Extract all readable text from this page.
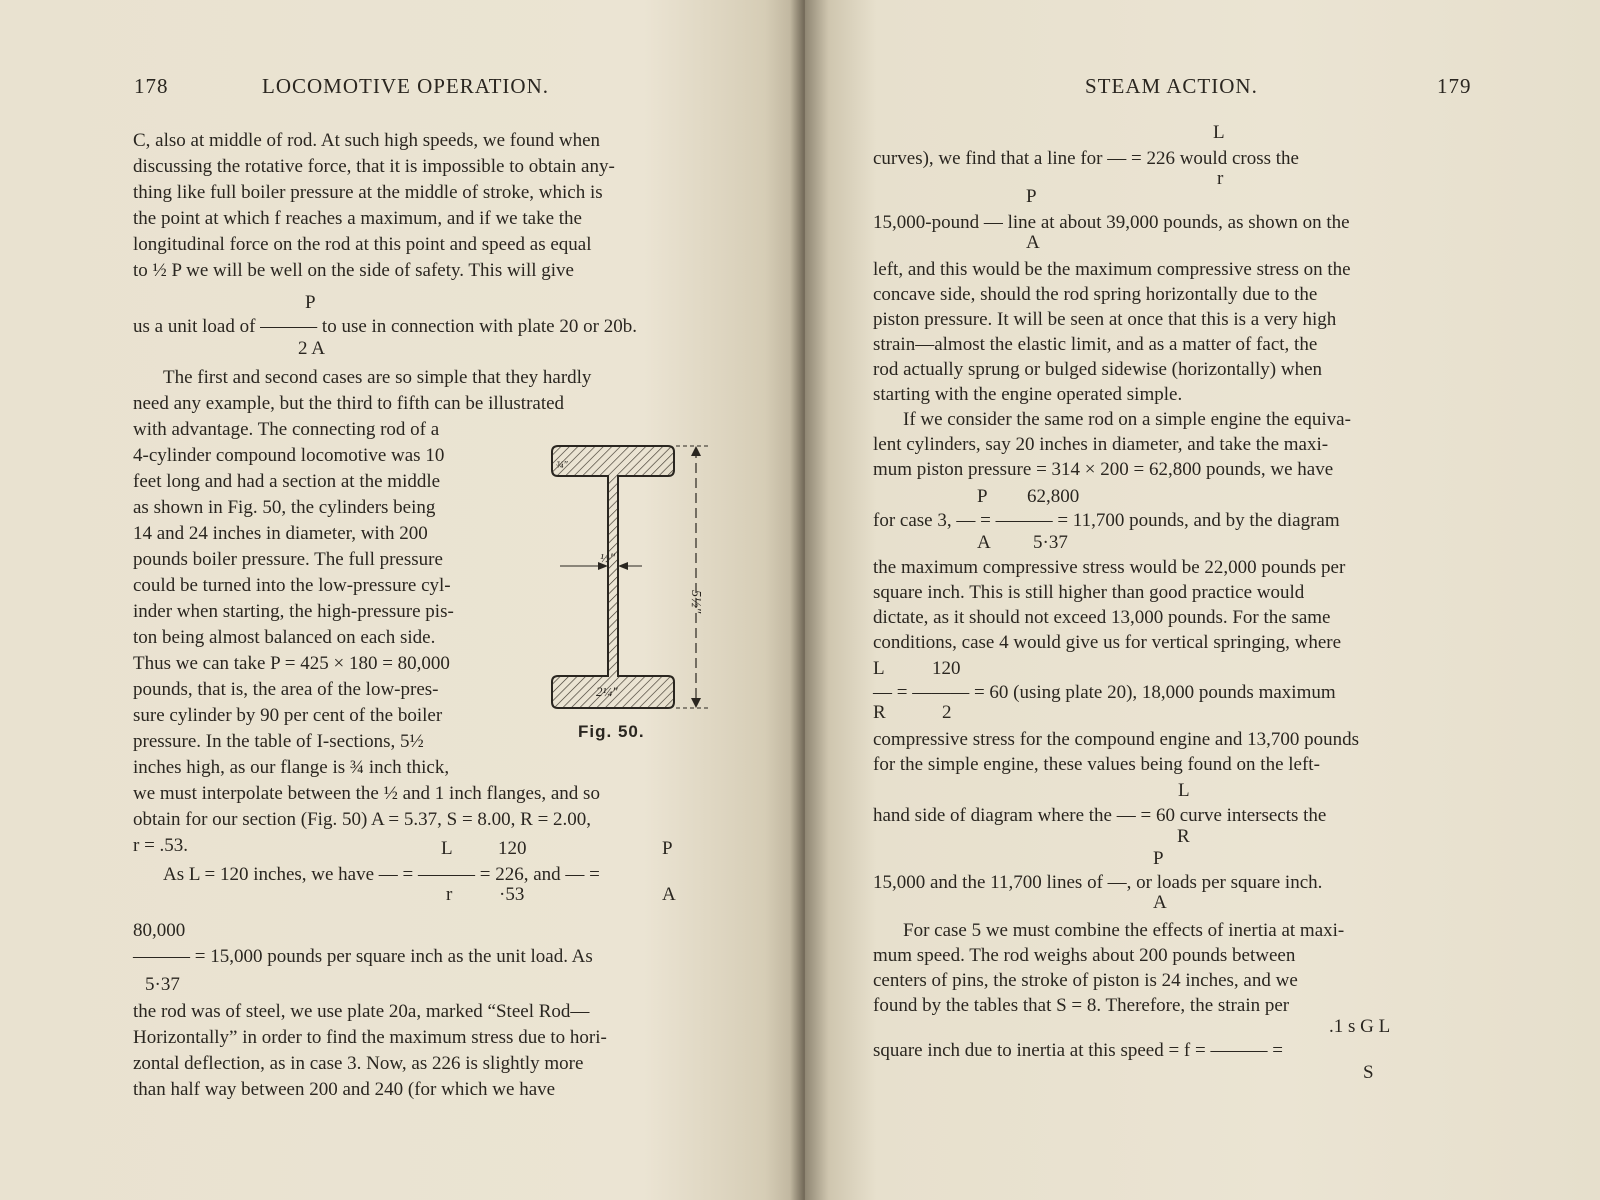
178	LOCOMOTIVE OPERATION.
C, also at middle of rod. At such high speeds, we found when
discussing the rotative force, that it is impossible to obtain any-
thing like full boiler pressure at the middle of stroke, which is
the point at which f reaches a maximum, and if we take the
longitudinal force on the rod at this point and speed as equal
to ½ P we will be well on the side of safety. This will give
P
us a unit load of ——— to use in connection with plate 20 or 20b.
2 A
The first and second cases are so simple that they hardly
need any example, but the third to fifth can be illustrated
with advantage. The connecting rod of a
4-cylinder compound locomotive was 10
feet long and had a section at the middle
as shown in Fig. 50, the cylinders being
14 and 24 inches in diameter, with 200
pounds boiler pressure. The full pressure
could be turned into the low-pressure cyl-
inder when starting, the high-pressure pis-
ton being almost balanced on each side.
Thus we can take P = 425 × 180 = 80,000
pounds, that is, the area of the low-pres-
sure cylinder by 90 per cent of the boiler
pressure. In the table of I-sections, 5½
inches high, as our flange is ¾ inch thick,
we must interpolate between the ½ and 1 inch flanges, and so
obtain for our section (Fig. 50) A = 5.37, S = 8.00, R = 2.00,
r = .53.
½″
2¼″
¾″
5½″
Fig. 50.
L 120	P
As L = 120 inches, we have — = ——— = 226, and — =
r ·53	A
80,000
——— = 15,000 pounds per square inch as the unit load. As
5·37
the rod was of steel, we use plate 20a, marked “Steel Rod—
Horizontally” in order to find the maximum stress due to hori-
zontal deflection, as in case 3. Now, as 226 is slightly more
than half way between 200 and 240 (for which we have
STEAM ACTION.	179
L
curves), we find that a line for — = 226 would cross the
r
P
15,000-pound — line at about 39,000 pounds, as shown on the
A
left, and this would be the maximum compressive stress on the
concave side, should the rod spring horizontally due to the
piston pressure. It will be seen at once that this is a very high
strain—almost the elastic limit, and as a matter of fact, the
rod actually sprung or bulged sidewise (horizontally) when
starting with the engine operated simple.
If we consider the same rod on a simple engine the equiva-
lent cylinders, say 20 inches in diameter, and take the maxi-
mum piston pressure = 314 × 200 = 62,800 pounds, we have
P 62,800
for case 3, — = ——— = 11,700 pounds, and by the diagram
A 5·37
the maximum compressive stress would be 22,000 pounds per
square inch. This is still higher than good practice would
dictate, as it should not exceed 13,000 pounds. For the same
conditions, case 4 would give us for vertical springing, where
L 120
— = ——— = 60 (using plate 20), 18,000 pounds maximum
R	2
compressive stress for the compound engine and 13,700 pounds
for the simple engine, these values being found on the left-
L
hand side of diagram where the — = 60 curve intersects the
R
P
15,000 and the 11,700 lines of —, or loads per square inch.
A
For case 5 we must combine the effects of inertia at maxi-
mum speed. The rod weighs about 200 pounds between
centers of pins, the stroke of piston is 24 inches, and we
found by the tables that S = 8. Therefore, the strain per
.1 s G L
square inch due to inertia at this speed = f = ——— =
S
